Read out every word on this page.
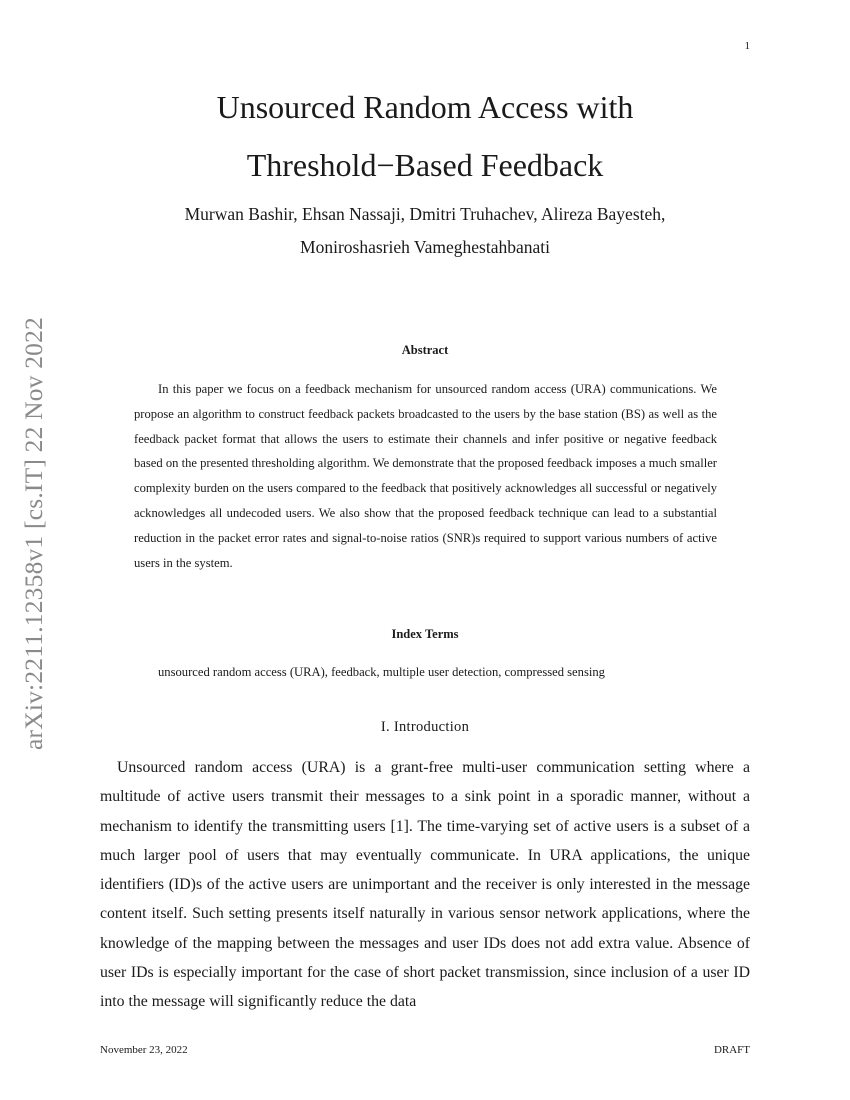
1
arXiv:2211.12358v1 [cs.IT] 22 Nov 2022
Unsourced Random Access with
Threshold−Based Feedback
Murwan Bashir, Ehsan Nassaji, Dmitri Truhachev, Alireza Bayesteh,
Moniroshasrieh Vameghestahbanati
Abstract

In this paper we focus on a feedback mechanism for unsourced random access (URA) communications. We propose an algorithm to construct feedback packets broadcasted to the users by the base station (BS) as well as the feedback packet format that allows the users to estimate their channels and infer positive or negative feedback based on the presented thresholding algorithm. We demonstrate that the proposed feedback imposes a much smaller complexity burden on the users compared to the feedback that positively acknowledges all successful or negatively acknowledges all undecoded users. We also show that the proposed feedback technique can lead to a substantial reduction in the packet error rates and signal-to-noise ratios (SNR)s required to support various numbers of active users in the system.

Index Terms

unsourced random access (URA), feedback, multiple user detection, compressed sensing

I. Introduction

Unsourced random access (URA) is a grant-free multi-user communication setting where a multitude of active users transmit their messages to a sink point in a sporadic manner, without a mechanism to identify the transmitting users [1]. The time-varying set of active users is a subset of a much larger pool of users that may eventually communicate. In URA applications, the unique identifiers (ID)s of the active users are unimportant and the receiver is only interested in the message content itself. Such setting presents itself naturally in various sensor network applications, where the knowledge of the mapping between the messages and user IDs does not add extra value. Absence of user IDs is especially important for the case of short packet transmission, since inclusion of a user ID into the message will significantly reduce the data

November 23, 2022	DRAFT
